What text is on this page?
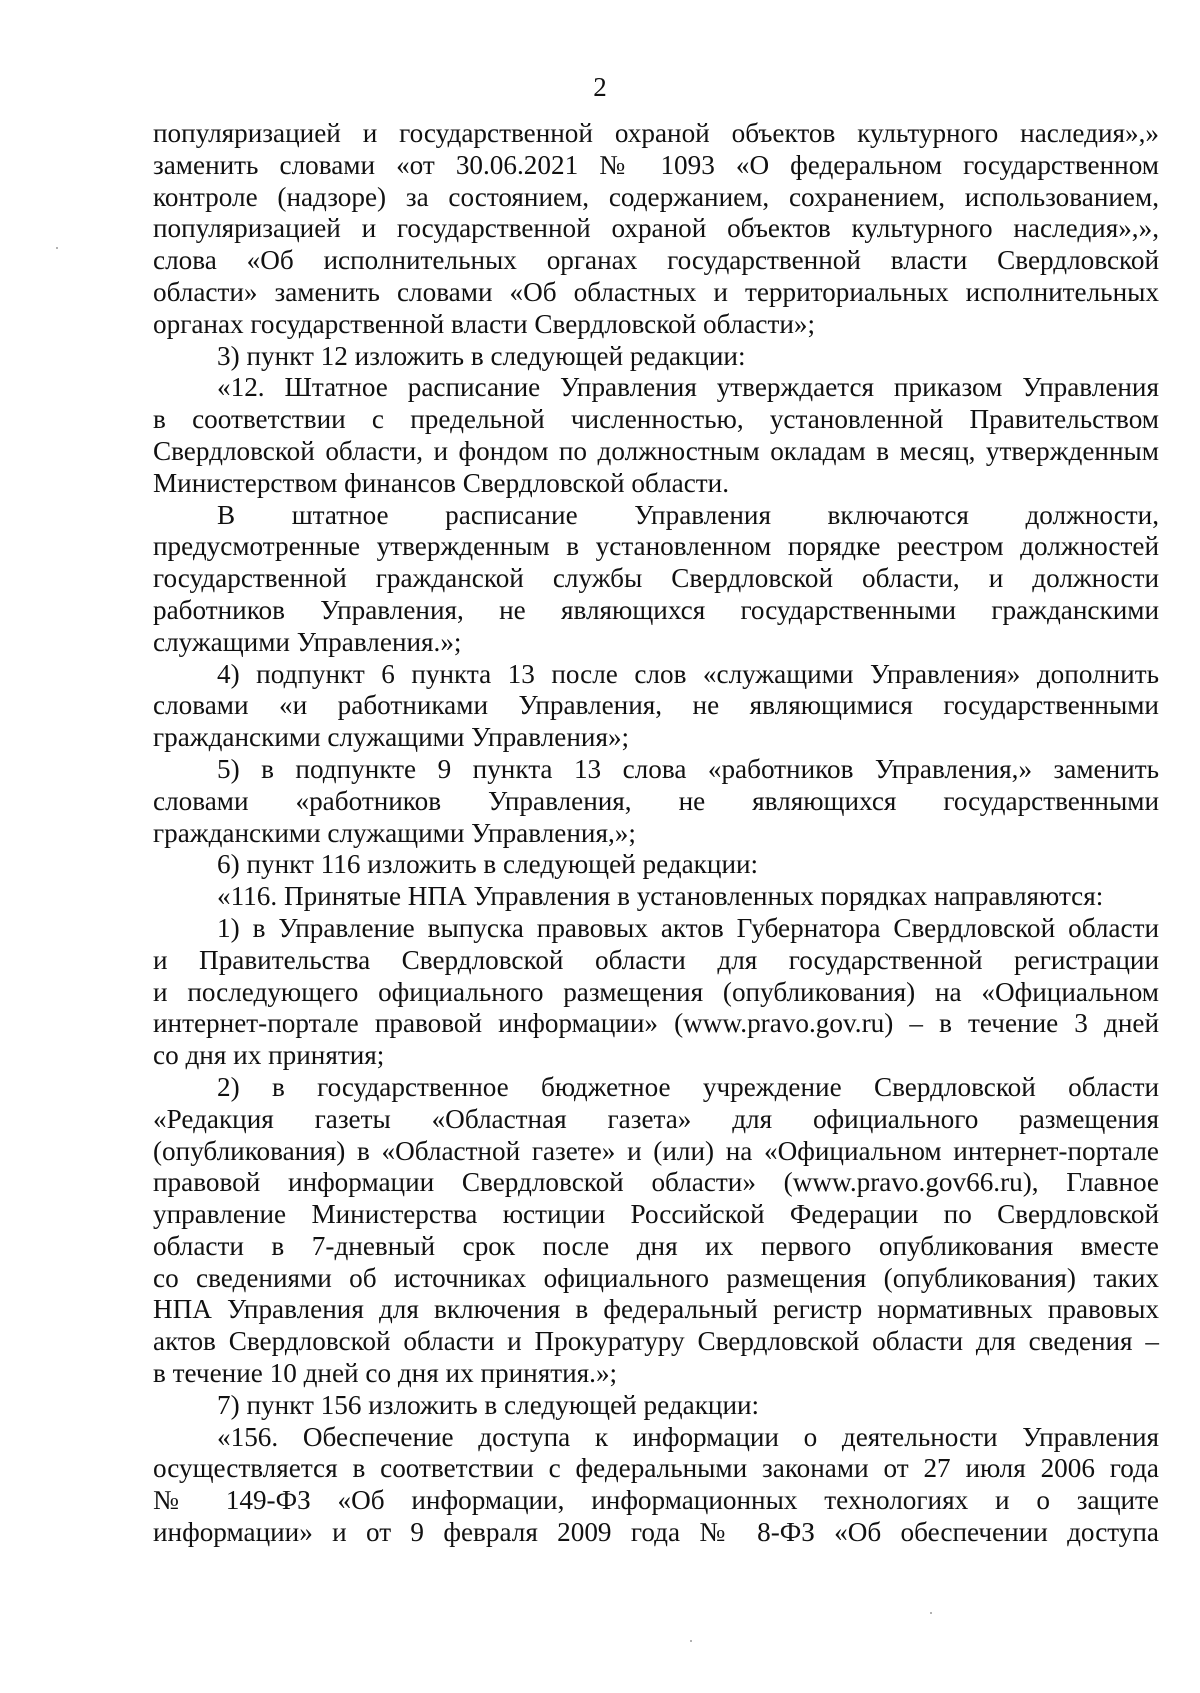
2
популяризацией и государственной охраной объектов культурного наследия»,»
заменить словами «от 30.06.2021 № 1093 «О федеральном государственном
контроле (надзоре) за состоянием, содержанием, сохранением, использованием,
популяризацией и государственной охраной объектов культурного наследия»,»,
слова «Об исполнительных органах государственной власти Свердловской
области» заменить словами «Об областных и территориальных исполнительных
органах государственной власти Свердловской области»;
3) пункт 12 изложить в следующей редакции:
«12. Штатное расписание Управления утверждается приказом Управления
в соответствии с предельной численностью, установленной Правительством
Свердловской области, и фондом по должностным окладам в месяц, утвержденным
Министерством финансов Свердловской области.
В штатное расписание Управления включаются должности,
предусмотренные утвержденным в установленном порядке реестром должностей
государственной гражданской службы Свердловской области, и должности
работников Управления, не являющихся государственными гражданскими
служащими Управления.»;
4) подпункт 6 пункта 13 после слов «служащими Управления» дополнить
словами «и работниками Управления, не являющимися государственными
гражданскими служащими Управления»;
5) в подпункте 9 пункта 13 слова «работников Управления,» заменить
словами «работников Управления, не являющихся государственными
гражданскими служащими Управления,»;
6) пункт 116 изложить в следующей редакции:
«116. Принятые НПА Управления в установленных порядках направляются:
1) в Управление выпуска правовых актов Губернатора Свердловской области
и Правительства Свердловской области для государственной регистрации
и последующего официального размещения (опубликования) на «Официальном
интернет-портале правовой информации» (www.pravo.gov.ru) – в течение 3 дней
со дня их принятия;
2) в государственное бюджетное учреждение Свердловской области
«Редакция газеты «Областная газета» для официального размещения
(опубликования) в «Областной газете» и (или) на «Официальном интернет-портале
правовой информации Свердловской области» (www.pravo.gov66.ru), Главное
управление Министерства юстиции Российской Федерации по Свердловской
области в 7-дневный срок после дня их первого опубликования вместе
со сведениями об источниках официального размещения (опубликования) таких
НПА Управления для включения в федеральный регистр нормативных правовых
актов Свердловской области и Прокуратуру Свердловской области для сведения –
в течение 10 дней со дня их принятия.»;
7) пункт 156 изложить в следующей редакции:
«156. Обеспечение доступа к информации о деятельности Управления
осуществляется в соответствии с федеральными законами от 27 июля 2006 года
№ 149-ФЗ «Об информации, информационных технологиях и о защите
информации» и от 9 февраля 2009 года № 8-ФЗ «Об обеспечении доступа
